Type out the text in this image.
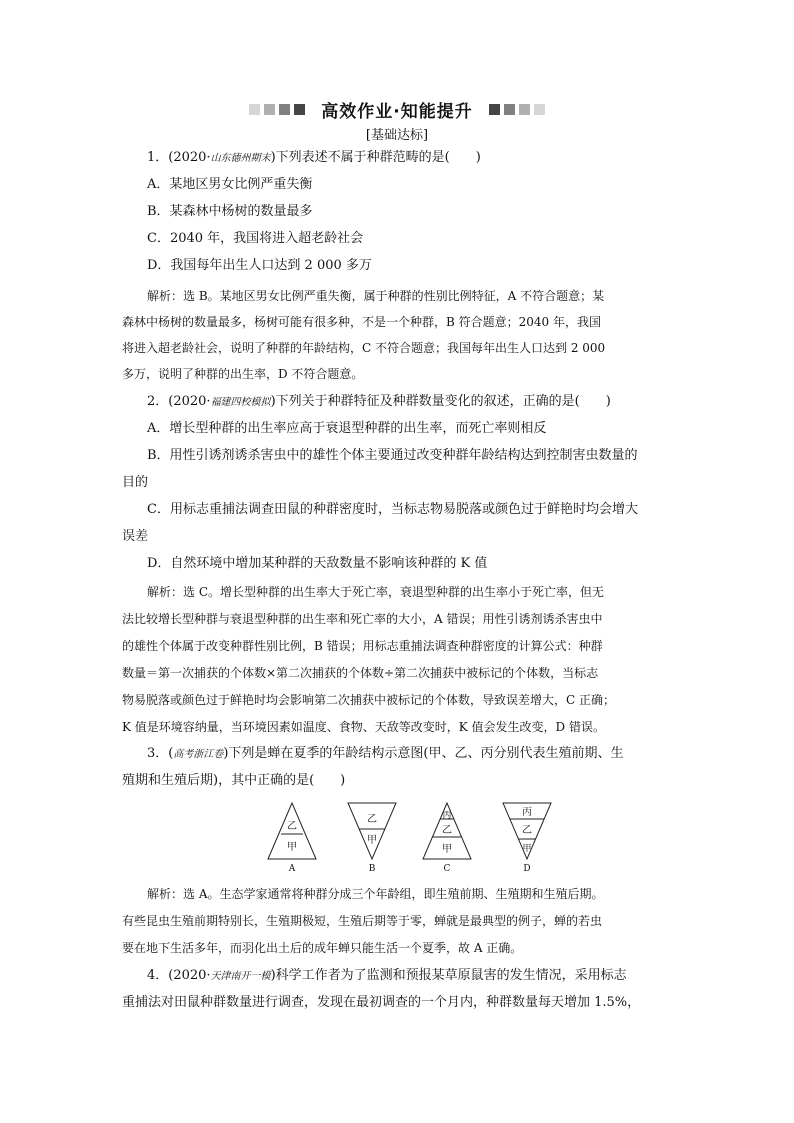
高效作业·知能提升
[基础达标]
1．(2020·山东德州期末)下列表述不属于种群范畴的是(　　)
A．某地区男女比例严重失衡
B．某森林中杨树的数量最多
C．2040 年，我国将进入超老龄社会
D．我国每年出生人口达到 2 000 多万
解析：选 B。某地区男女比例严重失衡，属于种群的性别比例特征，A 不符合题意；某
森林中杨树的数量最多，杨树可能有很多种，不是一个种群，B 符合题意；2040 年，我国
将进入超老龄社会，说明了种群的年龄结构，C 不符合题意；我国每年出生人口达到 2 000
多万，说明了种群的出生率，D 不符合题意。
2．(2020·福建四校模拟)下列关于种群特征及种群数量变化的叙述，正确的是(　　)
A．增长型种群的出生率应高于衰退型种群的出生率，而死亡率则相反
B．用性引诱剂诱杀害虫中的雄性个体主要通过改变种群年龄结构达到控制害虫数量的
目的
C．用标志重捕法调查田鼠的种群密度时，当标志物易脱落或颜色过于鲜艳时均会增大
误差
D．自然环境中增加某种群的天敌数量不影响该种群的 K 值
解析：选 C。增长型种群的出生率大于死亡率，衰退型种群的出生率小于死亡率，但无
法比较增长型种群与衰退型种群的出生率和死亡率的大小，A 错误；用性引诱剂诱杀害虫中
的雄性个体属于改变种群性别比例，B 错误；用标志重捕法调查种群密度的计算公式：种群
数量＝第一次捕获的个体数×第二次捕获的个体数÷第二次捕获中被标记的个体数，当标志
物易脱落或颜色过于鲜艳时均会影响第二次捕获中被标记的个体数，导致误差增大，C 正确；
K 值是环境容纳量，当环境因素如温度、食物、天敌等改变时，K 值会发生改变，D 错误。
3．(高考浙江卷)下列是蝉在夏季的年龄结构示意图(甲、乙、丙分别代表生殖前期、生
殖期和生殖后期)，其中正确的是(　　)
乙
甲
A
乙
甲
B
丙
乙
甲
C
丙
乙
甲
D
解析：选 A。生态学家通常将种群分成三个年龄组，即生殖前期、生殖期和生殖后期。
有些昆虫生殖前期特别长，生殖期极短，生殖后期等于零，蝉就是最典型的例子，蝉的若虫
要在地下生活多年，而羽化出土后的成年蝉只能生活一个夏季，故 A 正确。
4．(2020·天津南开一模)科学工作者为了监测和预报某草原鼠害的发生情况，采用标志
重捕法对田鼠种群数量进行调查，发现在最初调查的一个月内，种群数量每天增加 1.5%，
